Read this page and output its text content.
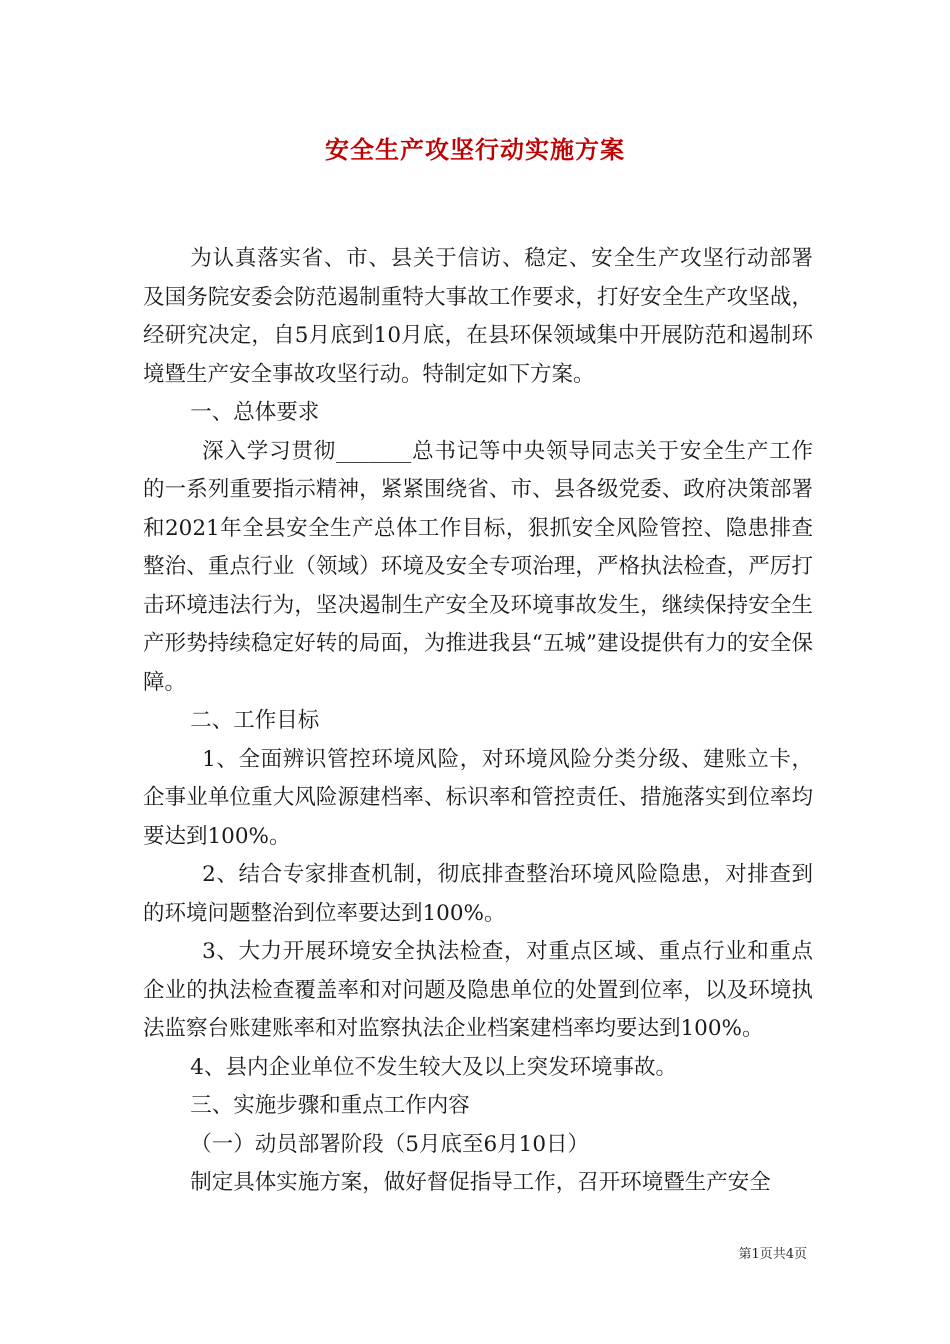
安全生产攻坚行动实施方案

为认真落实省、市、县关于信访、稳定、安全生产攻坚行动部署及国务院安委会防范遏制重特大事故工作要求，打好安全生产攻坚战，经研究决定，自5月底到10月底，在县环保领域集中开展防范和遏制环境暨生产安全事故攻坚行动。特制定如下方案。

一、总体要求

深入学习贯彻_______总书记等中央领导同志关于安全生产工作的一系列重要指示精神，紧紧围绕省、市、县各级党委、政府决策部署和2021年全县安全生产总体工作目标，狠抓安全风险管控、隐患排查整治、重点行业（领域）环境及安全专项治理，严格执法检查，严厉打击环境违法行为，坚决遏制生产安全及环境事故发生，继续保持安全生产形势持续稳定好转的局面，为推进我县“五城”建设提供有力的安全保障。

二、工作目标

1、全面辨识管控环境风险，对环境风险分类分级、建账立卡，企事业单位重大风险源建档率、标识率和管控责任、措施落实到位率均要达到100%。

2、结合专家排查机制，彻底排查整治环境风险隐患，对排查到的环境问题整治到位率要达到100%。

3、大力开展环境安全执法检查，对重点区域、重点行业和重点企业的执法检查覆盖率和对问题及隐患单位的处置到位率，以及环境执法监察台账建账率和对监察执法企业档案建档率均要达到100%。

4、县内企业单位不发生较大及以上突发环境事故。

三、实施步骤和重点工作内容

（一）动员部署阶段（5月底至6月10日）

制定具体实施方案，做好督促指导工作，召开环境暨生产安全

第1页共4页
